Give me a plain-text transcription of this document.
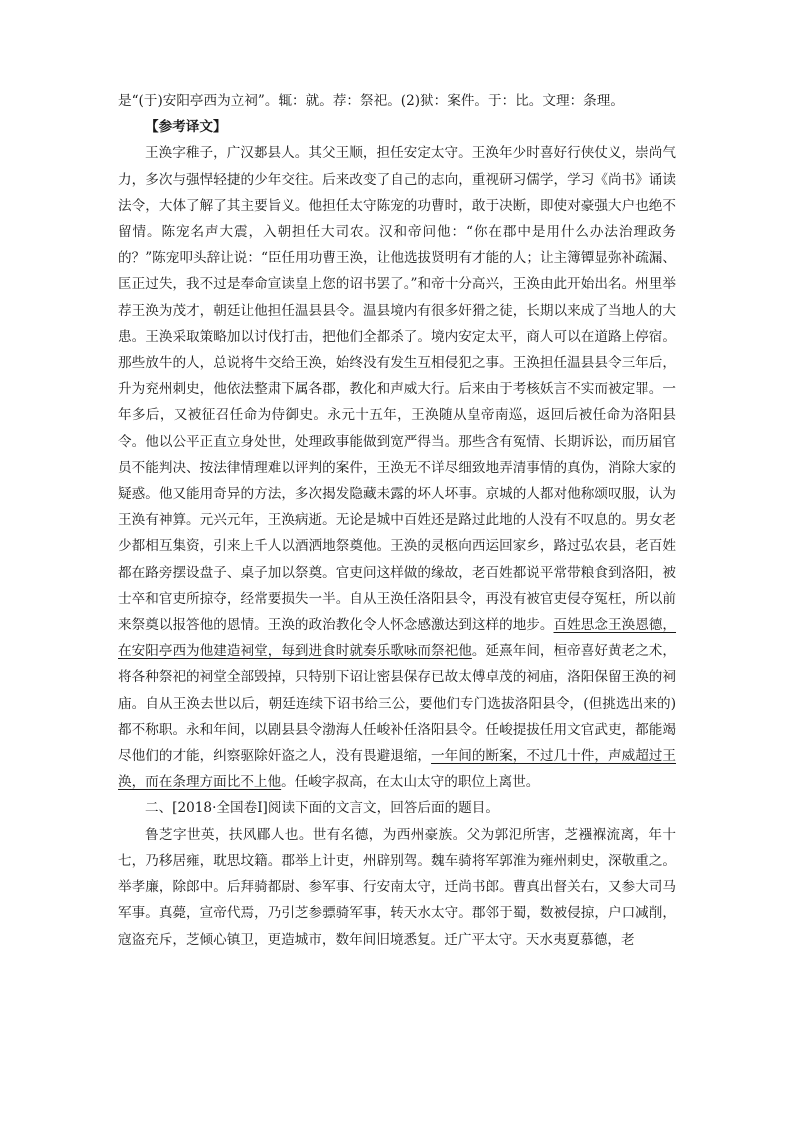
是“(于)安阳亭西为立祠”。辄：就。荐：祭祀。(2)狱：案件。于：比。文理：条理。

【参考译文】

王涣字稚子，广汉郪县人。其父王顺，担任安定太守。王涣年少时喜好行侠仗义，崇尚气力，多次与强悍轻捷的少年交往。后来改变了自己的志向，重视研习儒学，学习《尚书》诵读法令，大体了解了其主要旨义。他担任太守陈宠的功曹时，敢于决断，即使对豪强大户也绝不留情。陈宠名声大震，入朝担任大司农。汉和帝问他：“你在郡中是用什么办法治理政务的？”陈宠叩头辞让说：“臣任用功曹王涣，让他选拔贤明有才能的人；让主簿镡显弥补疏漏、匡正过失，我不过是奉命宣读皇上您的诏书罢了。”和帝十分高兴，王涣由此开始出名。州里举荐王涣为茂才，朝廷让他担任温县县令。温县境内有很多奸猾之徒，长期以来成了当地人的大患。王涣采取策略加以讨伐打击，把他们全都杀了。境内安定太平，商人可以在道路上停宿。那些放牛的人，总说将牛交给王涣，始终没有发生互相侵犯之事。王涣担任温县县令三年后，升为兖州刺史，他依法整肃下属各郡，教化和声威大行。后来由于考核妖言不实而被定罪。一年多后，又被征召任命为侍御史。永元十五年，王涣随从皇帝南巡，返回后被任命为洛阳县令。他以公平正直立身处世，处理政事能做到宽严得当。那些含有冤情、长期诉讼，而历届官员不能判决、按法律情理难以评判的案件，王涣无不详尽细致地弄清事情的真伪，消除大家的疑惑。他又能用奇异的方法，多次揭发隐藏未露的坏人坏事。京城的人都对他称颂叹服，认为王涣有神算。元兴元年，王涣病逝。无论是城中百姓还是路过此地的人没有不叹息的。男女老少都相互集资，引来上千人以酒洒地祭奠他。王涣的灵柩向西运回家乡，路过弘农县，老百姓都在路旁摆设盘子、桌子加以祭奠。官吏问这样做的缘故，老百姓都说平常带粮食到洛阳，被士卒和官吏所掠夺，经常要损失一半。自从王涣任洛阳县令，再没有被官吏侵夺冤枉，所以前来祭奠以报答他的恩情。王涣的政治教化令人怀念感激达到这样的地步。百姓思念王涣恩德，在安阳亭西为他建造祠堂，每到进食时就奏乐歌咏而祭祀他。延熹年间，桓帝喜好黄老之术，将各种祭祀的祠堂全部毁掉，只特别下诏让密县保存已故太傅卓茂的祠庙，洛阳保留王涣的祠庙。自从王涣去世以后，朝廷连续下诏书给三公，要他们专门选拔洛阳县令，(但挑选出来的)都不称职。永和年间，以剧县县令渤海人任峻补任洛阳县令。任峻提拔任用文官武吏，都能竭尽他们的才能，纠察驱除奸盗之人，没有畏避退缩，一年间的断案，不过几十件，声威超过王涣，而在条理方面比不上他。任峻字叔高，在太山太守的职位上离世。

二、[2018·全国卷Ⅰ]阅读下面的文言文，回答后面的题目。

鲁芝字世英，扶风郿人也。世有名德，为西州豪族。父为郭氾所害，芝襁褓流离，年十七，乃移居雍，耽思坟籍。郡举上计吏，州辟别驾。魏车骑将军郭淮为雍州刺史，深敬重之。举孝廉，除郎中。后拜骑都尉、参军事、行安南太守，迁尚书郎。曹真出督关右，又参大司马军事。真薨，宣帝代焉，乃引芝参骠骑军事，转天水太守。郡邻于蜀，数被侵掠，户口减削，寇盗充斥，芝倾心镇卫，更造城市，数年间旧境悉复。迁广平太守。天水夷夏慕德，老
